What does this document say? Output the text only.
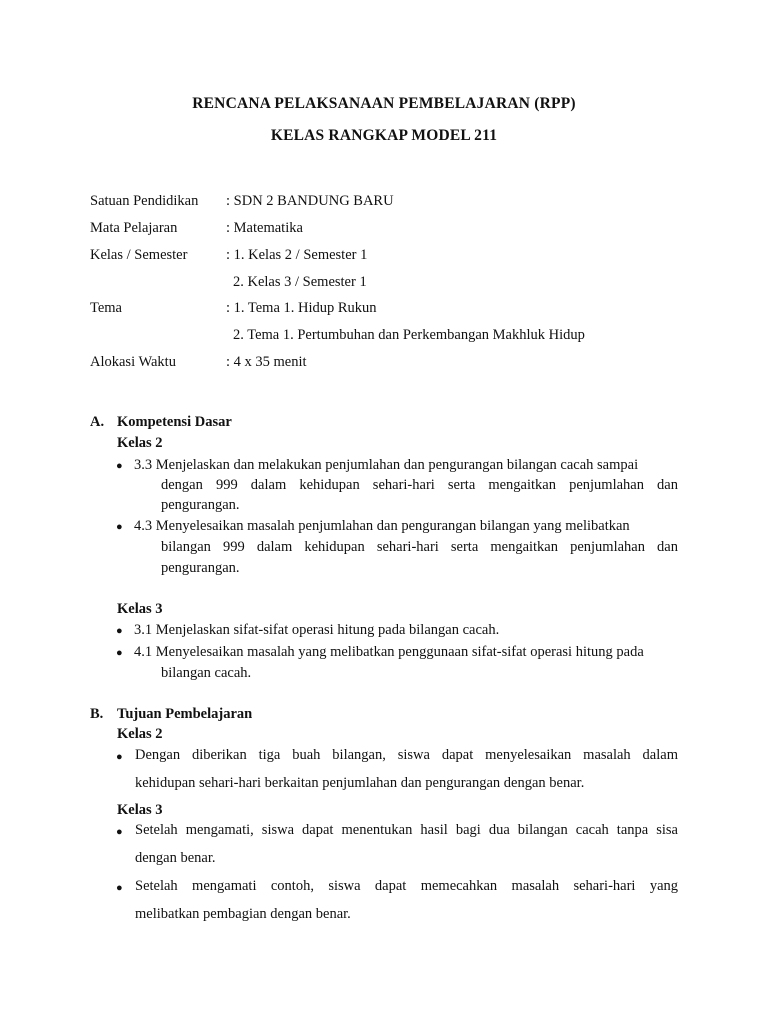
RENCANA PELAKSANAAN PEMBELAJARAN (RPP)
KELAS RANGKAP MODEL 211
Satuan Pendidikan : SDN 2 BANDUNG BARU
Mata Pelajaran	: Matematika
Kelas / Semester	: 1. Kelas 2 / Semester 1
2. Kelas 3 / Semester 1
Tema	: 1. Tema 1. Hidup Rukun
2. Tema 1. Pertumbuhan dan Perkembangan Makhluk Hidup
Alokasi Waktu	: 4 x 35 menit
A. Kompetensi Dasar
Kelas 2
● 3.3 Menjelaskan dan melakukan penjumlahan dan pengurangan bilangan cacah sampai
dengan 999 dalam kehidupan sehari-hari serta mengaitkan penjumlahan dan
pengurangan.
● 4.3 Menyelesaikan masalah penjumlahan dan pengurangan bilangan yang melibatkan
bilangan 999 dalam kehidupan sehari-hari serta mengaitkan penjumlahan dan
pengurangan.
Kelas 3
● 3.1 Menjelaskan sifat-sifat operasi hitung pada bilangan cacah.
● 4.1 Menyelesaikan masalah yang melibatkan penggunaan sifat-sifat operasi hitung pada
bilangan cacah.
B. Tujuan Pembelajaran
Kelas 2
● Dengan diberikan tiga buah bilangan, siswa dapat menyelesaikan masalah dalam
kehidupan sehari-hari berkaitan penjumlahan dan pengurangan dengan benar.
Kelas 3
● Setelah mengamati, siswa dapat menentukan hasil bagi dua bilangan cacah tanpa sisa
dengan benar.
● Setelah mengamati contoh, siswa dapat memecahkan masalah sehari-hari yang
melibatkan pembagian dengan benar.
